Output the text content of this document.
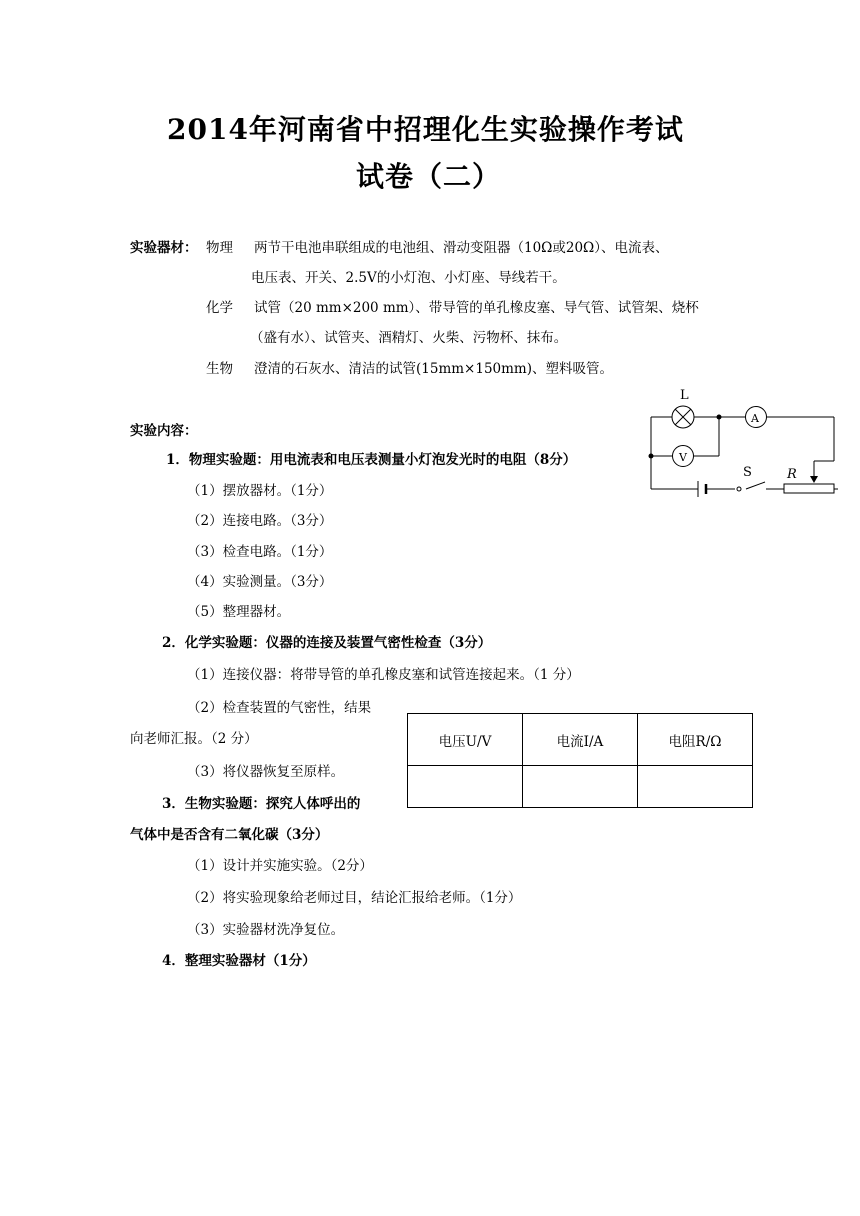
2014年河南省中招理化生实验操作考试
试卷（二）
实验器材： 物理 两节干电池串联组成的电池组、滑动变阻器（10Ω或20Ω）、电流表、
电压表、开关、2.5V的小灯泡、小灯座、导线若干。
化学 试管（20 mm×200 mm）、带导管的单孔橡皮塞、导气管、试管架、烧杯
（盛有水）、试管夹、酒精灯、火柴、污物杯、抹布。
生物 澄清的石灰水、清洁的试管(15mm×150mm)、塑料吸管。
实验内容：
1．物理实验题：用电流表和电压表测量小灯泡发光时的电阻（8分）
（1）摆放器材。（1分）
（2）连接电路。（3分）
（3）检查电路。（1分）
（4）实验测量。（3分）
（5）整理器材。
2．化学实验题：仪器的连接及装置气密性检查（3分）
（1）连接仪器：将带导管的单孔橡皮塞和试管连接起来。（1 分）
（2）检查装置的气密性，结果
向老师汇报。（2 分）
（3）将仪器恢复至原样。
3．生物实验题：探究人体呼出的
气体中是否含有二氧化碳（3分）
（1）设计并实施实验。（2分）
（2）将实验现象给老师过目，结论汇报给老师。（1分）
（3）实验器材洗净复位。
4．整理实验器材（1分）
电压U/V	电流I/A	电阻R/Ω

L
A
V
S	R
